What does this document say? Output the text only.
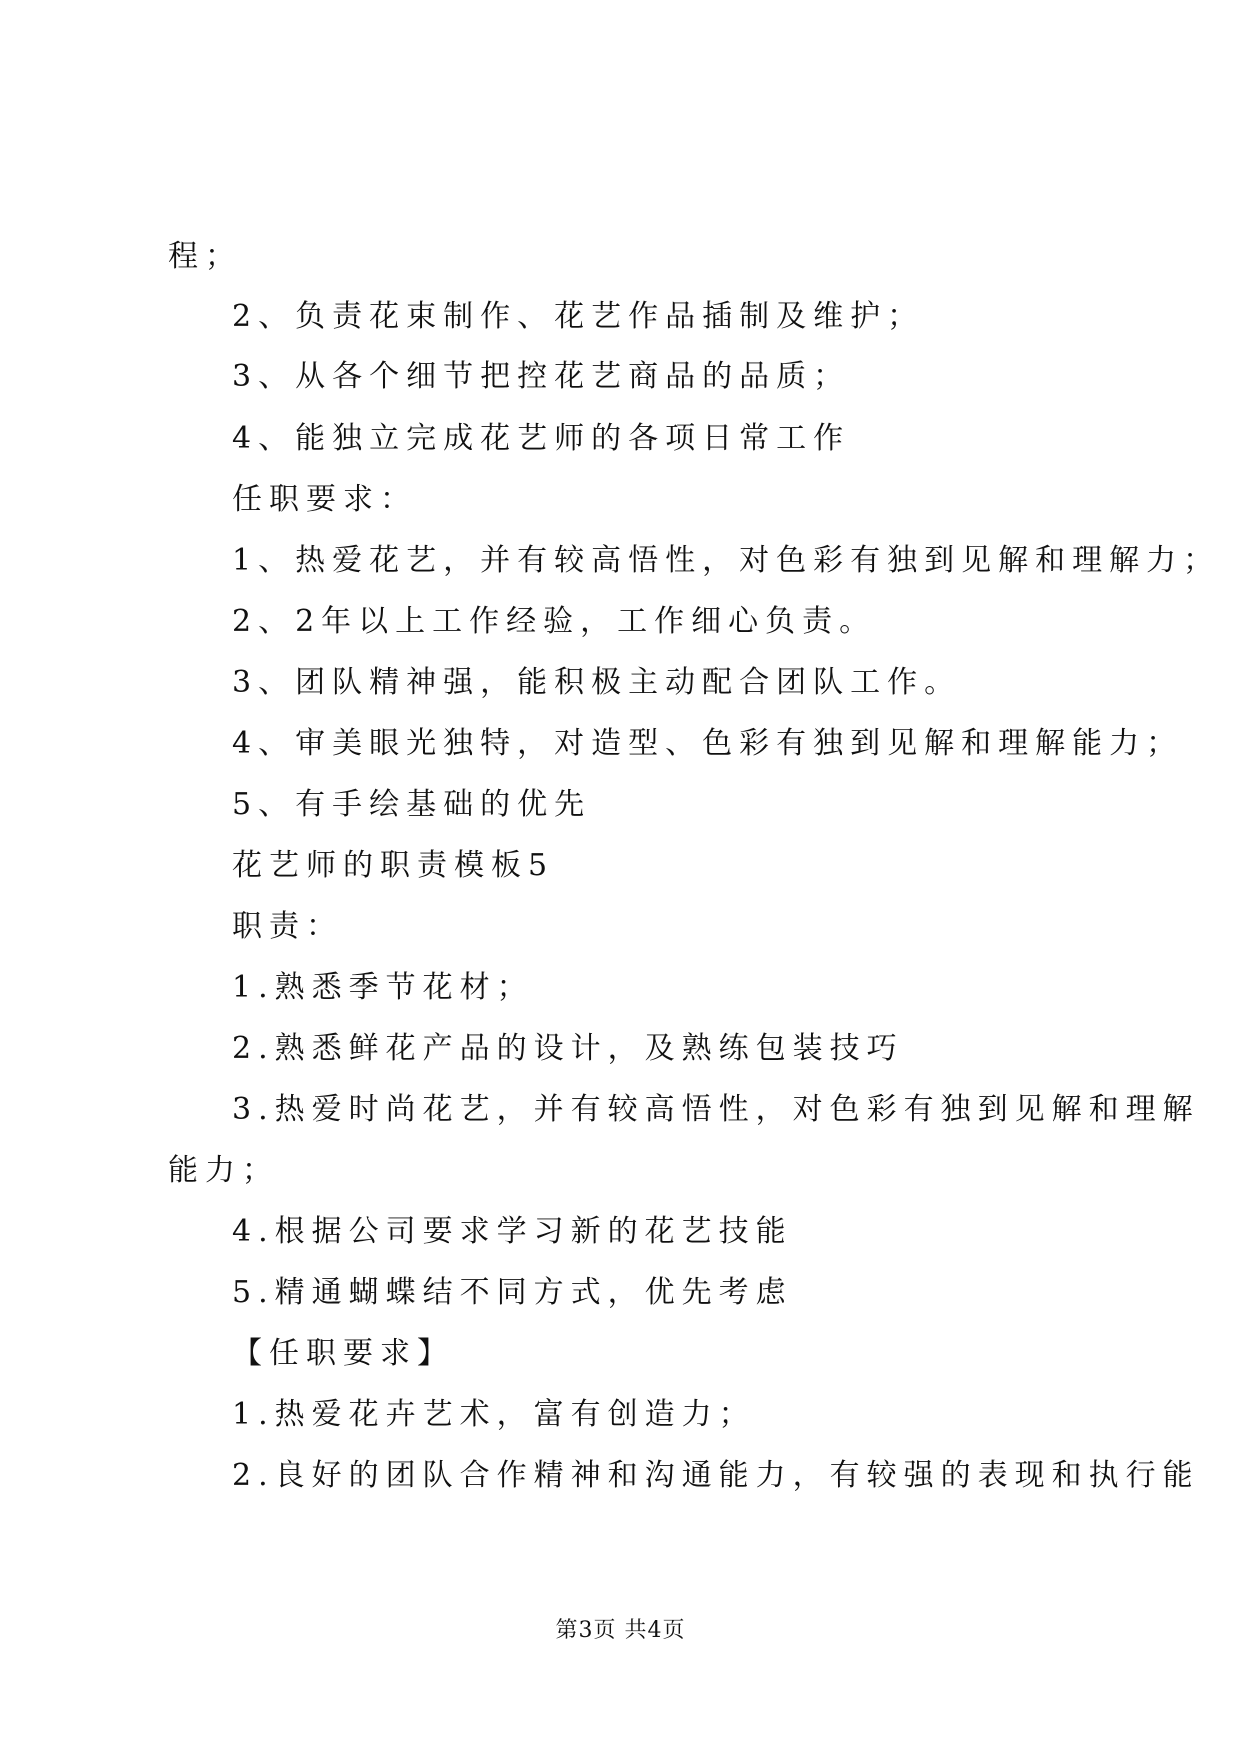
程；
2、负责花束制作、花艺作品插制及维护；
3、从各个细节把控花艺商品的品质；
4、能独立完成花艺师的各项日常工作
任职要求：
1、热爱花艺，并有较高悟性，对色彩有独到见解和理解力；
2、2年以上工作经验，工作细心负责。
3、团队精神强，能积极主动配合团队工作。
4、审美眼光独特，对造型、色彩有独到见解和理解能力；
5、有手绘基础的优先
花艺师的职责模板5
职责：
1.熟悉季节花材；
2.熟悉鲜花产品的设计，及熟练包装技巧
3.热爱时尚花艺，并有较高悟性，对色彩有独到见解和理解
能力；
4.根据公司要求学习新的花艺技能
5.精通蝴蝶结不同方式，优先考虑
【任职要求】
1.热爱花卉艺术，富有创造力；
2.良好的团队合作精神和沟通能力，有较强的表现和执行能
第3页 共4页
